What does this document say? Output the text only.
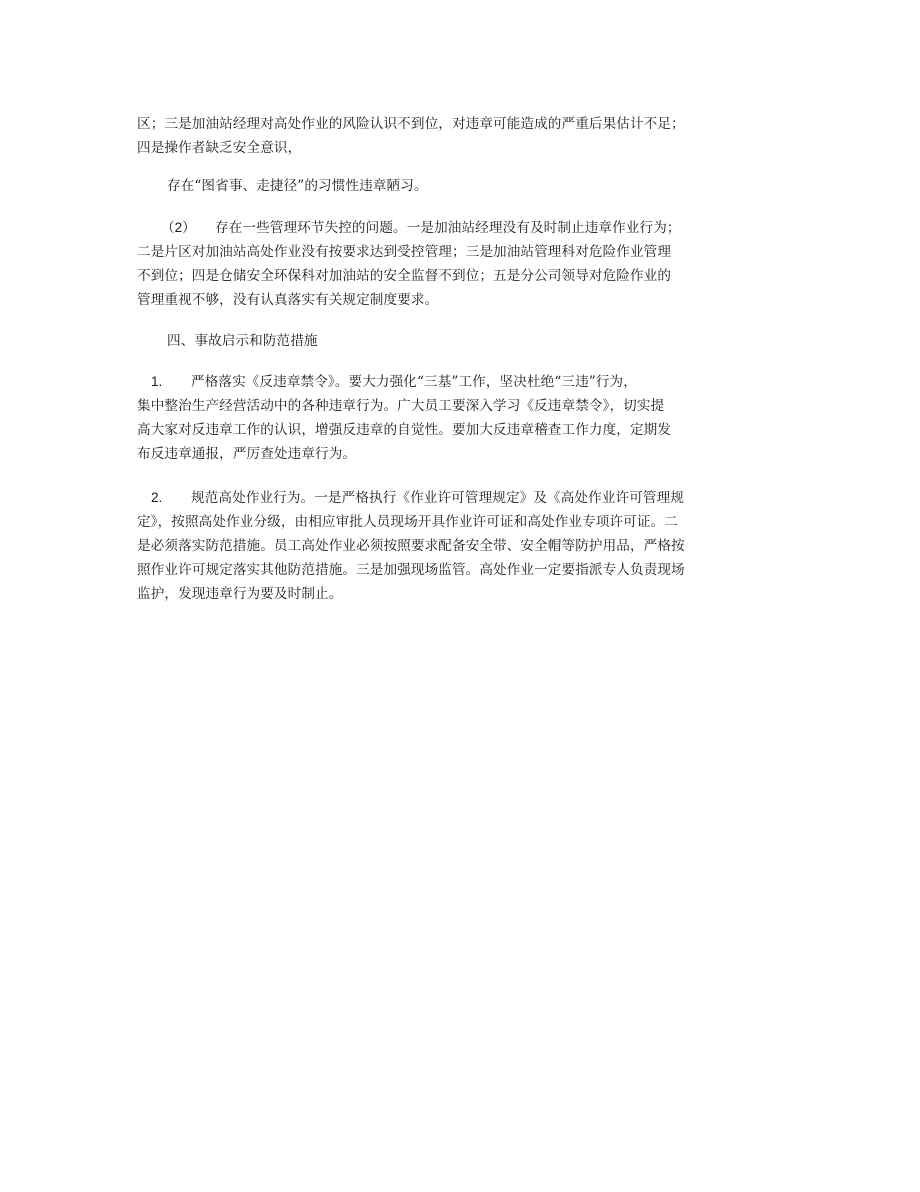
区；三是加油站经理对高处作业的风险认识不到位，对违章可能造成的严重后果估计不足；
四是操作者缺乏安全意识，
存在“图省事、走捷径”的习惯性违章陋习。
（2） 存在一些管理环节失控的问题。一是加油站经理没有及时制止违章作业行为；
二是片区对加油站高处作业没有按要求达到受控管理；三是加油站管理科对危险作业管理
不到位；四是仓储安全环保科对加油站的安全监督不到位；五是分公司领导对危险作业的
管理重视不够，没有认真落实有关规定制度要求。
四、事故启示和防范措施
1. 严格落实《反违章禁令》。要大力强化“三基”工作，坚决杜绝“三违”行为，
集中整治生产经营活动中的各种违章行为。广大员工要深入学习《反违章禁令》，切实提
高大家对反违章工作的认识，增强反违章的自觉性。要加大反违章稽查工作力度，定期发
布反违章通报，严厉查处违章行为。
2. 规范高处作业行为。一是严格执行《作业许可管理规定》及《高处作业许可管理规
定》，按照高处作业分级，由相应审批人员现场开具作业许可证和高处作业专项许可证。二
是必须落实防范措施。员工高处作业必须按照要求配备安全带、安全帽等防护用品，严格按
照作业许可规定落实其他防范措施。三是加强现场监管。高处作业一定要指派专人负责现场
监护，发现违章行为要及时制止。
